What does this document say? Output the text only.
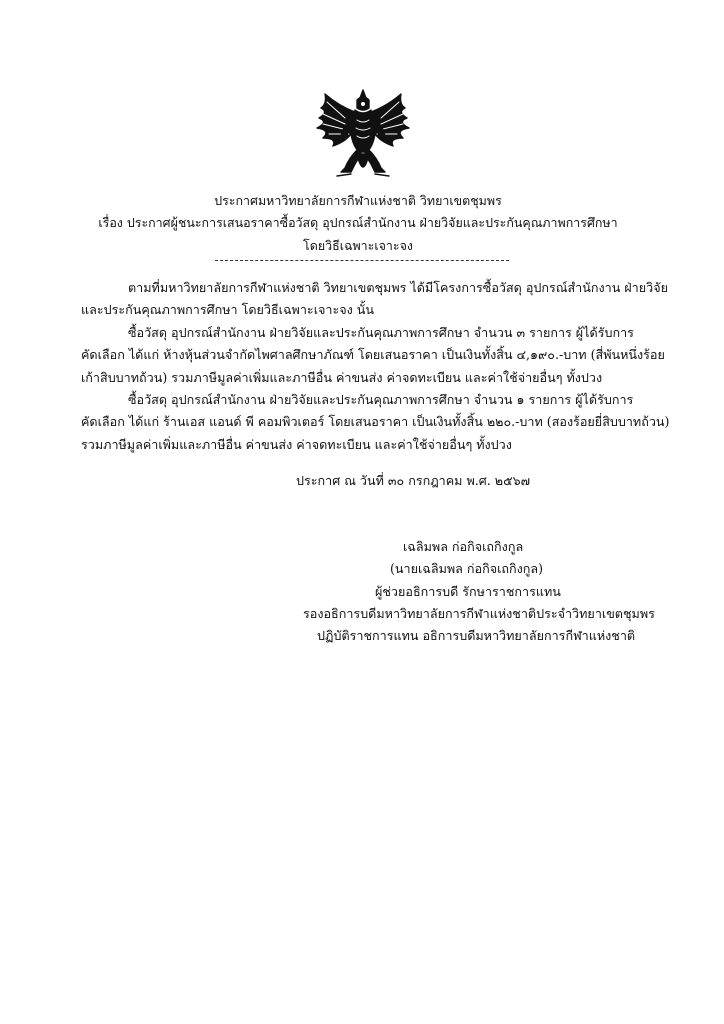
ประกาศมหาวิทยาลัยการกีฬาแห่งชาติ วิทยาเขตชุมพร
เรื่อง ประกาศผู้ชนะการเสนอราคาซื้อวัสดุ อุปกรณ์สำนักงาน ฝ่ายวิจัยและประกันคุณภาพการศึกษา
โดยวิธีเฉพาะเจาะจง
ตามที่มหาวิทยาลัยการกีฬาแห่งชาติ วิทยาเขตชุมพร ได้มีโครงการซื้อวัสดุ อุปกรณ์สำนักงาน ฝ่ายวิจัย
และประกันคุณภาพการศึกษา โดยวิธีเฉพาะเจาะจง นั้น
ซื้อวัสดุ อุปกรณ์สำนักงาน ฝ่ายวิจัยและประกันคุณภาพการศึกษา จำนวน ๓ รายการ ผู้ได้รับการ
คัดเลือก ได้แก่ ห้างหุ้นส่วนจำกัดไพศาลศึกษาภัณฑ์ โดยเสนอราคา เป็นเงินทั้งสิ้น ๔,๑๙๐.-บาท (สี่พันหนึ่งร้อย
เก้าสิบบาทถ้วน) รวมภาษีมูลค่าเพิ่มและภาษีอื่น ค่าขนส่ง ค่าจดทะเบียน และค่าใช้จ่ายอื่นๆ ทั้งปวง
ซื้อวัสดุ อุปกรณ์สำนักงาน ฝ่ายวิจัยและประกันคุณภาพการศึกษา จำนวน ๑ รายการ ผู้ได้รับการ
คัดเลือก ได้แก่ ร้านเอส แอนด์ พี คอมพิวเตอร์ โดยเสนอราคา เป็นเงินทั้งสิ้น ๒๒๐.-บาท (สองร้อยยี่สิบบาทถ้วน)
รวมภาษีมูลค่าเพิ่มและภาษีอื่น ค่าขนส่ง ค่าจดทะเบียน และค่าใช้จ่ายอื่นๆ ทั้งปวง
ประกาศ ณ วันที่ ๓๐ กรกฎาคม พ.ศ. ๒๕๖๗
เฉลิมพล ก่อกิจเถกิงกูล
(นายเฉลิมพล ก่อกิจเถกิงกูล)
ผู้ช่วยอธิการบดี รักษาราชการแทน
รองอธิการบดีมหาวิทยาลัยการกีฬาแห่งชาติประจำวิทยาเขตชุมพร
ปฏิบัติราชการแทน อธิการบดีมหาวิทยาลัยการกีฬาแห่งชาติ
